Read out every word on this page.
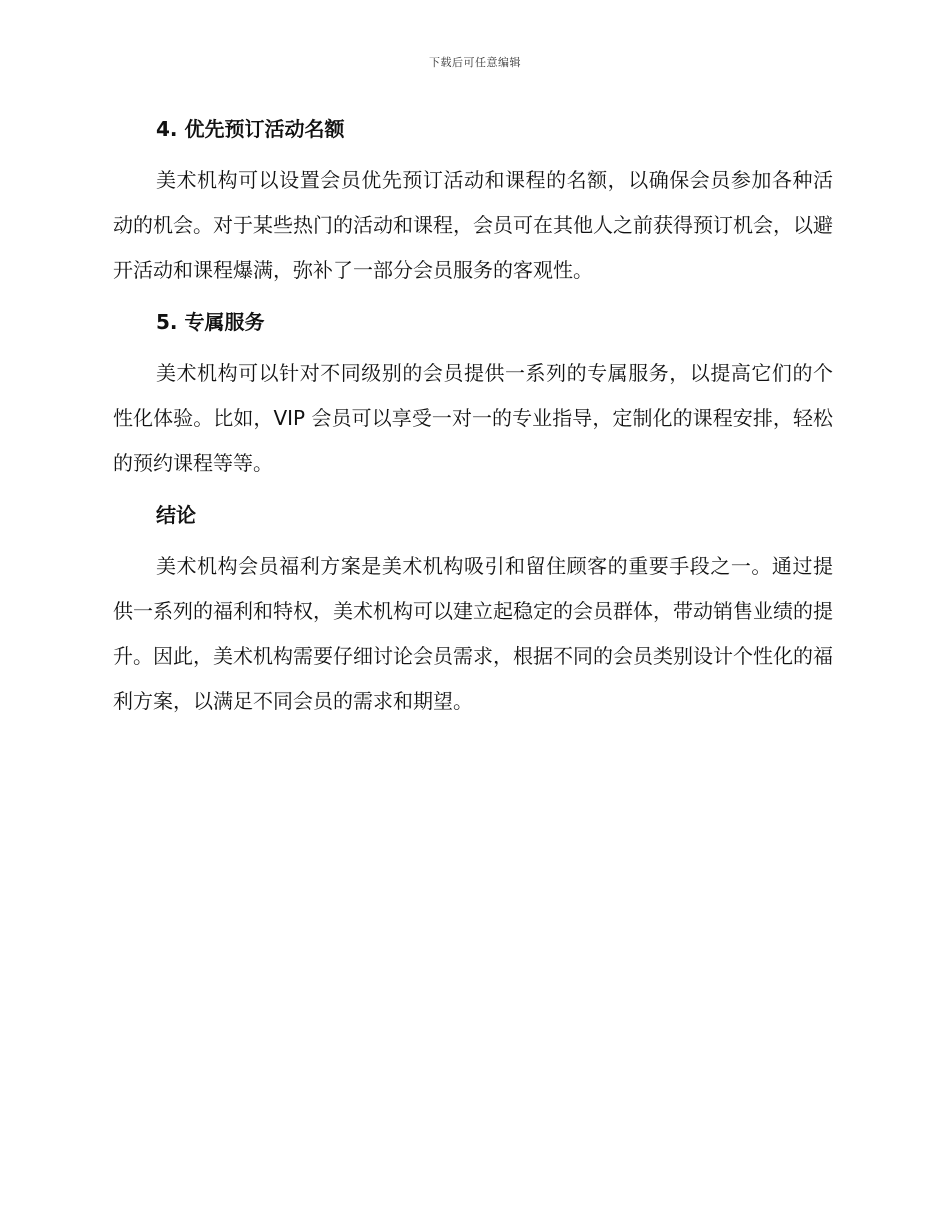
下载后可任意编辑
4. 优先预订活动名额

美术机构可以设置会员优先预订活动和课程的名额，以确保会员参加各种活动的机会。对于某些热门的活动和课程，会员可在其他人之前获得预订机会，以避开活动和课程爆满，弥补了一部分会员服务的客观性。

5. 专属服务

美术机构可以针对不同级别的会员提供一系列的专属服务，以提高它们的个性化体验。比如，VIP 会员可以享受一对一的专业指导，定制化的课程安排，轻松的预约课程等等。

结论

美术机构会员福利方案是美术机构吸引和留住顾客的重要手段之一。通过提供一系列的福利和特权，美术机构可以建立起稳定的会员群体，带动销售业绩的提升。因此，美术机构需要仔细讨论会员需求，根据不同的会员类别设计个性化的福利方案，以满足不同会员的需求和期望。
